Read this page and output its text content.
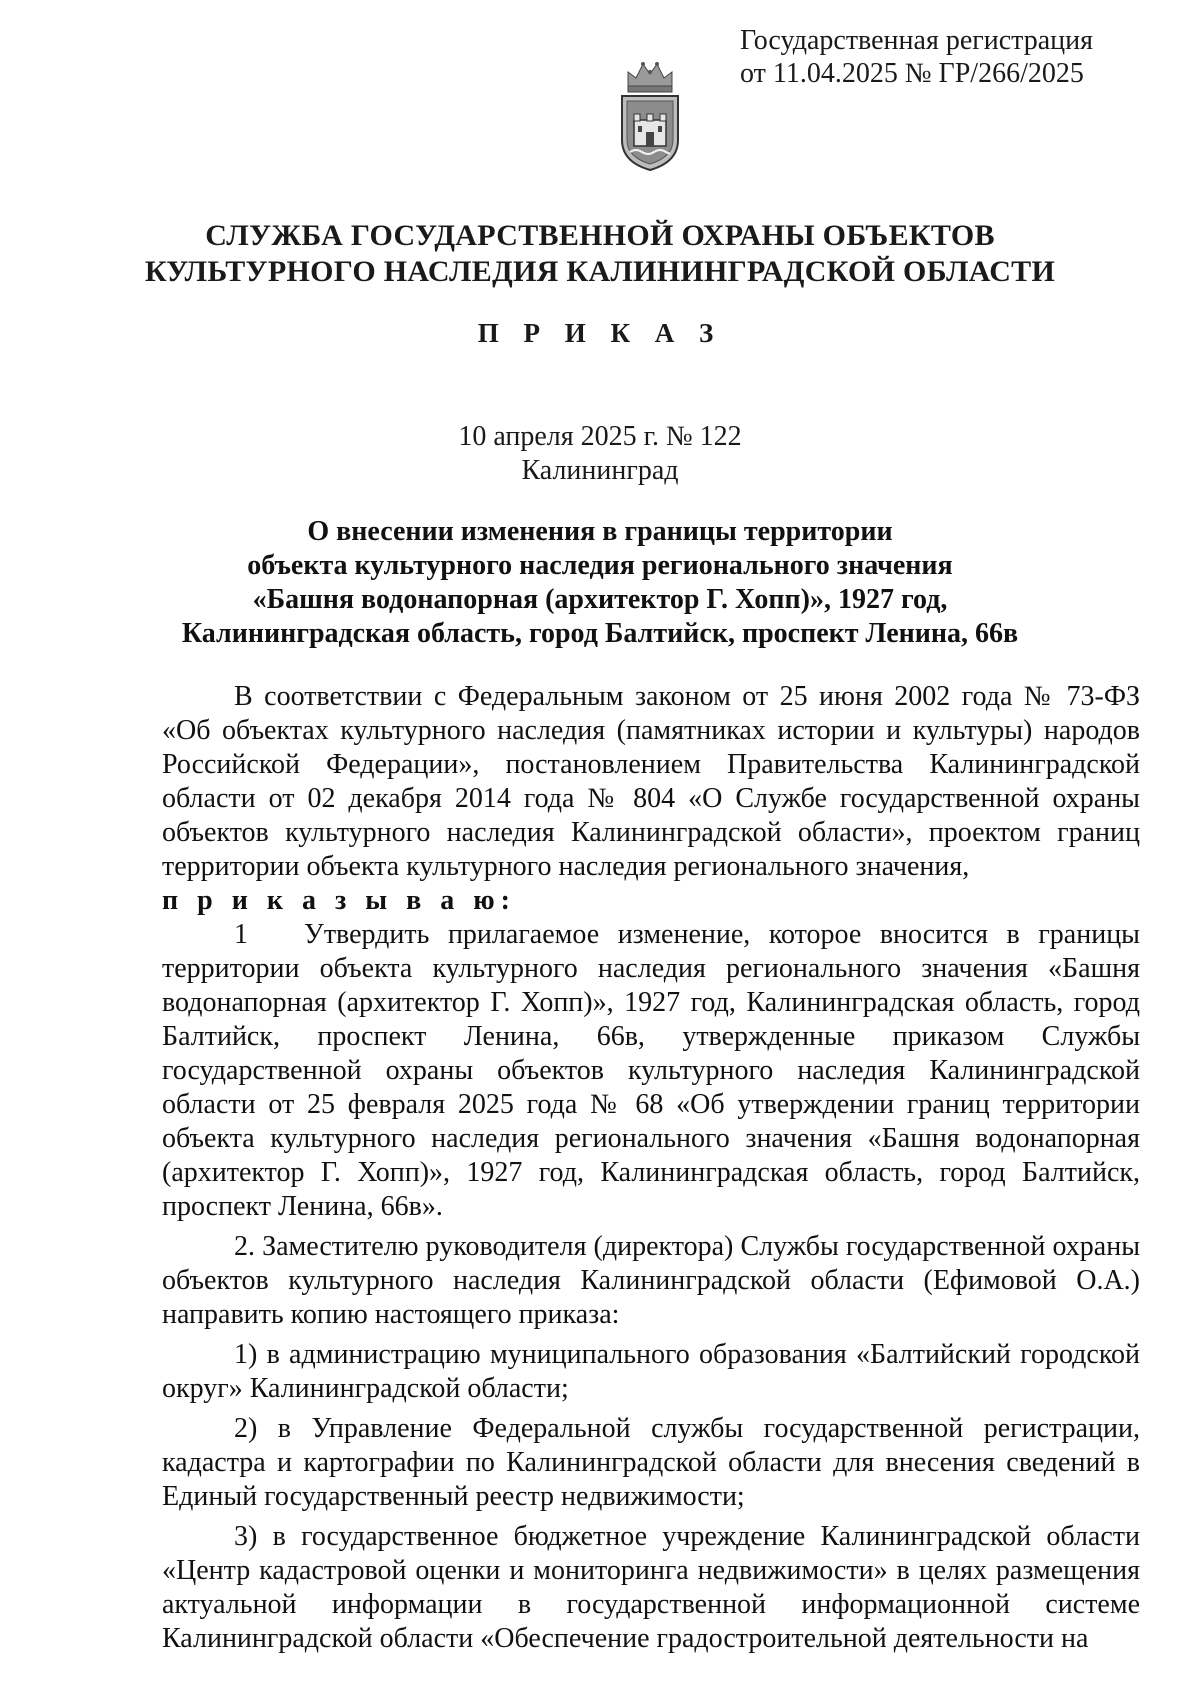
Государственная регистрация
от 11.04.2025 № ГР/266/2025
СЛУЖБА ГОСУДАРСТВЕННОЙ ОХРАНЫ ОБЪЕКТОВ
КУЛЬТУРНОГО НАСЛЕДИЯ КАЛИНИНГРАДСКОЙ ОБЛАСТИ
П Р И К А З
10 апреля 2025 г. № 122
Калининград
О внесении изменения в границы территории
объекта культурного наследия регионального значения
«Башня водонапорная (архитектор Г. Хопп)», 1927 год,
Калининградская область, город Балтийск, проспект Ленина, 66в

В соответствии с Федеральным законом от 25 июня 2002 года № 73-ФЗ «Об объектах культурного наследия (памятниках истории и культуры) народов Российской Федерации», постановлением Правительства Калининградской области от 02 декабря 2014 года № 804 «О Службе государственной охраны объектов культурного наследия Калининградской области», проектом границ территории объекта культурного наследия регионального значения,

п р и к а з ы в а ю:

1 Утвердить прилагаемое изменение, которое вносится в границы территории объекта культурного наследия регионального значения «Башня водонапорная (архитектор Г. Хопп)», 1927 год, Калининградская область, город Балтийск, проспект Ленина, 66в, утвержденные приказом Службы государственной охраны объектов культурного наследия Калининградской области от 25 февраля 2025 года № 68 «Об утверждении границ территории объекта культурного наследия регионального значения «Башня водонапорная (архитектор Г. Хопп)», 1927 год, Калининградская область, город Балтийск, проспект Ленина, 66в».

2. Заместителю руководителя (директора) Службы государственной охраны объектов культурного наследия Калининградской области (Ефимовой О.А.) направить копию настоящего приказа:

1) в администрацию муниципального образования «Балтийский городской округ» Калининградской области;

2) в Управление Федеральной службы государственной регистрации, кадастра и картографии по Калининградской области для внесения сведений в Единый государственный реестр недвижимости;

3) в государственное бюджетное учреждение Калининградской области «Центр кадастровой оценки и мониторинга недвижимости» в целях размещения актуальной информации в государственной информационной системе Калининградской области «Обеспечение градостроительной деятельности на
